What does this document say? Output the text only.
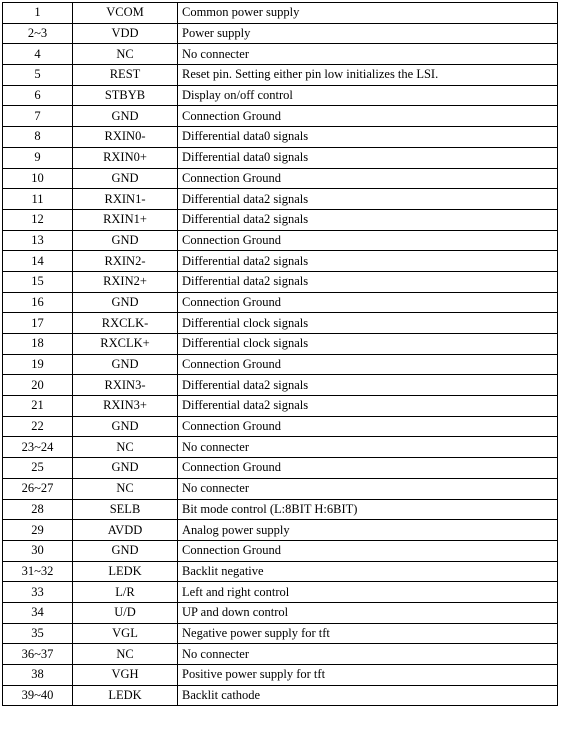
1	VCOM	Common power supply
2~3	VDD	Power supply
4	NC	No connecter
5	REST	Reset pin. Setting either pin low initializes the LSI.
6	STBYB	Display on/off control
7	GND	Connection Ground
8	RXIN0-	Differential data0 signals
9	RXIN0+	Differential data0 signals
10	GND	Connection Ground
11	RXIN1-	Differential data2 signals
12	RXIN1+	Differential data2 signals
13	GND	Connection Ground
14	RXIN2-	Differential data2 signals
15	RXIN2+	Differential data2 signals
16	GND	Connection Ground
17	RXCLK-	Differential clock signals
18	RXCLK+	Differential clock signals
19	GND	Connection Ground
20	RXIN3-	Differential data2 signals
21	RXIN3+	Differential data2 signals
22	GND	Connection Ground
23~24	NC	No connecter
25	GND	Connection Ground
26~27	NC	No connecter
28	SELB	Bit mode control (L:8BIT H:6BIT)
29	AVDD	Analog power supply
30	GND	Connection Ground
31~32	LEDK	Backlit negative
33	L/R	Left and right control
34	U/D	UP and down control
35	VGL	Negative power supply for tft
36~37	NC	No connecter
38	VGH	Positive power supply for tft
39~40	LEDK	Backlit cathode
